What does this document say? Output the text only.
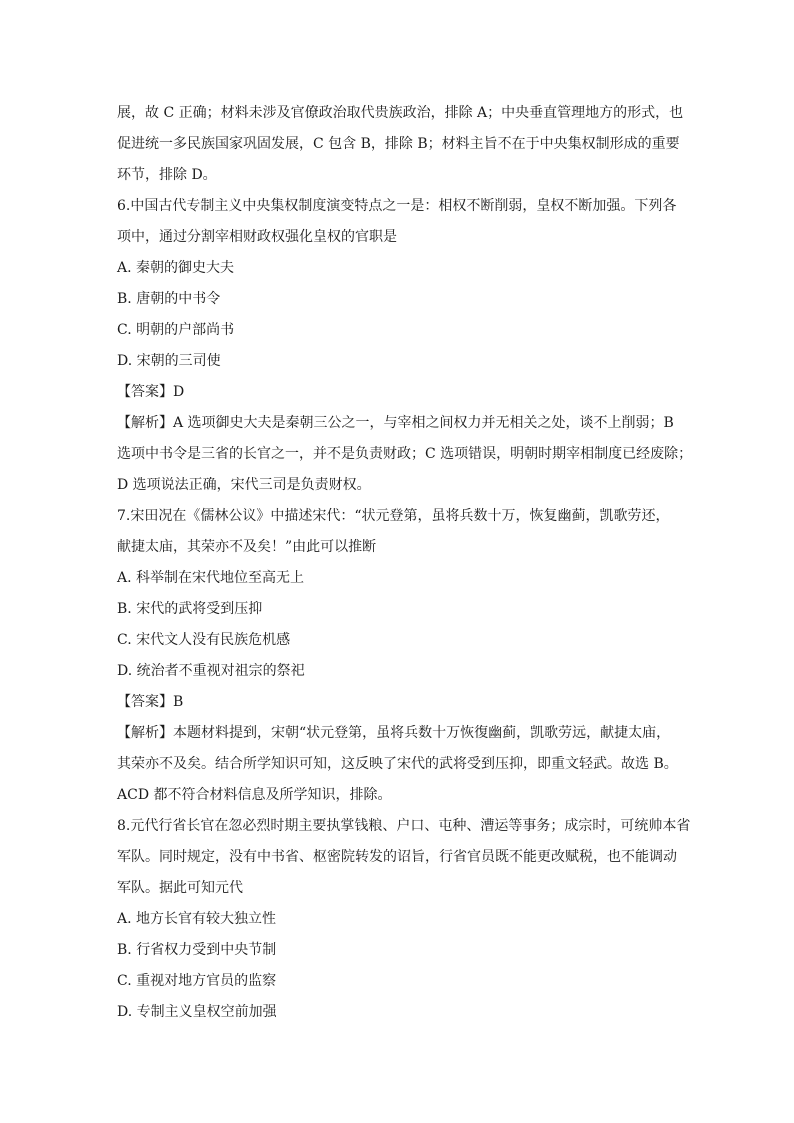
展，故 C 正确；材料未涉及官僚政治取代贵族政治，排除 A；中央垂直管理地方的形式，也
促进统一多民族国家巩固发展，C 包含 B，排除 B；材料主旨不在于中央集权制形成的重要
环节，排除 D。
6.中国古代专制主义中央集权制度演变特点之一是：相权不断削弱，皇权不断加强。下列各
项中，通过分割宰相财政权强化皇权的官职是
A. 秦朝的御史大夫
B. 唐朝的中书令
C. 明朝的户部尚书
D. 宋朝的三司使
【答案】D
【解析】A 选项御史大夫是秦朝三公之一，与宰相之间权力并无相关之处，谈不上削弱；B
选项中书令是三省的长官之一，并不是负责财政；C 选项错误，明朝时期宰相制度已经废除；
D 选项说法正确，宋代三司是负责财权。
7.宋田况在《儒林公议》中描述宋代：“状元登第，虽将兵数十万，恢复幽蓟，凯歌劳还，
献捷太庙，其荣亦不及矣！”由此可以推断
A. 科举制在宋代地位至高无上
B. 宋代的武将受到压抑
C. 宋代文人没有民族危机感
D. 统治者不重视对祖宗的祭祀
【答案】B
【解析】本题材料提到，宋朝“状元登第，虽将兵数十万恢復幽蓟，凯歌劳远，献捷太庙，
其荣亦不及矣。结合所学知识可知，这反映了宋代的武将受到压抑，即重文轻武。故选 B。
ACD 都不符合材料信息及所学知识，排除。
8.元代行省长官在忽必烈时期主要执掌钱粮、户口、屯种、漕运等事务；成宗时，可统帅本省
军队。同时规定，没有中书省、枢密院转发的诏旨，行省官员既不能更改赋税，也不能调动
军队。据此可知元代
A. 地方长官有较大独立性
B. 行省权力受到中央节制
C. 重视对地方官员的监察
D. 专制主义皇权空前加强
